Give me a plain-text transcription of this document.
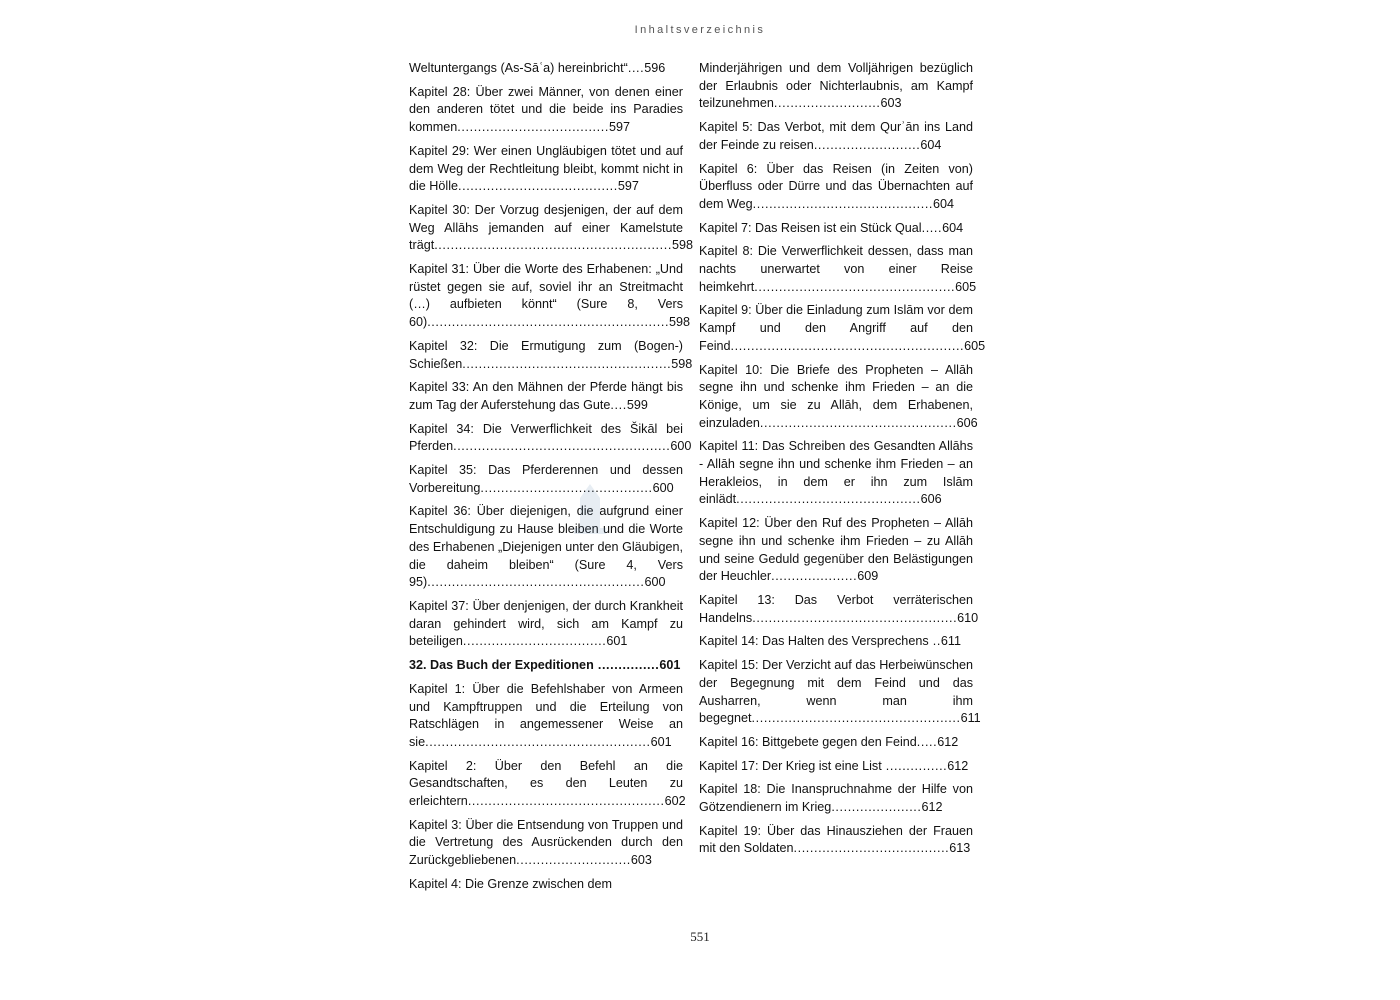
Inhaltsverzeichnis

Weltuntergangs (As-Sāʿa) hereinbricht“....596

Kapitel 28: Über zwei Männer, von denen einer den anderen tötet und die beide ins Paradies kommen.....................................597

Kapitel 29: Wer einen Ungläubigen tötet und auf dem Weg der Rechtleitung bleibt, kommt nicht in die Hölle.......................................597

Kapitel 30: Der Vorzug desjenigen, der auf dem Weg Allāhs jemanden auf einer Kamelstute trägt..........................................................598

Kapitel 31: Über die Worte des Erhabenen: „Und rüstet gegen sie auf, soviel ihr an Streitmacht (…) aufbieten könnt“ (Sure 8, Vers 60)...........................................................598

Kapitel 32: Die Ermutigung zum (Bogen-) Schießen...................................................598

Kapitel 33: An den Mähnen der Pferde hängt bis zum Tag der Auferstehung das Gute....599

Kapitel 34: Die Verwerflichkeit des Šikāl bei Pferden.....................................................600

Kapitel 35: Das Pferderennen und dessen Vorbereitung..........................................600

Kapitel 36: Über diejenigen, die aufgrund einer Entschuldigung zu Hause bleiben und die Worte des Erhabenen „Diejenigen unter den Gläubigen, die daheim bleiben“ (Sure 4, Vers 95).....................................................600

Kapitel 37: Über denjenigen, der durch Krankheit daran gehindert wird, sich am Kampf zu beteiligen...................................601

32. Das Buch der Expeditionen ...............601

Kapitel 1: Über die Befehlshaber von Armeen und Kampftruppen und die Erteilung von Ratschlägen in angemessener Weise an sie.......................................................601

Kapitel 2: Über den Befehl an die Gesandtschaften, es den Leuten zu erleichtern................................................602

Kapitel 3: Über die Entsendung von Truppen und die Vertretung des Ausrückenden durch den Zurückgebliebenen............................603

Kapitel 4: Die Grenze zwischen dem

Minderjährigen und dem Volljährigen bezüglich der Erlaubnis oder Nichterlaubnis, am Kampf teilzunehmen..........................603

Kapitel 5: Das Verbot, mit dem Qurʾān ins Land der Feinde zu reisen..........................604

Kapitel 6: Über das Reisen (in Zeiten von) Überfluss oder Dürre und das Übernachten auf dem Weg............................................604

Kapitel 7: Das Reisen ist ein Stück Qual.....604

Kapitel 8: Die Verwerflichkeit dessen, dass man nachts unerwartet von einer Reise heimkehrt.................................................605

Kapitel 9: Über die Einladung zum Islām vor dem Kampf und den Angriff auf den Feind.........................................................605

Kapitel 10: Die Briefe des Propheten – Allāh segne ihn und schenke ihm Frieden – an die Könige, um sie zu Allāh, dem Erhabenen, einzuladen................................................606

Kapitel 11: Das Schreiben des Gesandten Allāhs - Allāh segne ihn und schenke ihm Frieden – an Herakleios, in dem er ihn zum Islām einlädt.............................................606

Kapitel 12: Über den Ruf des Propheten – Allāh segne ihn und schenke ihm Frieden – zu Allāh und seine Geduld gegenüber den Belästigungen der Heuchler.....................609

Kapitel 13: Das Verbot verräterischen Handelns..................................................610

Kapitel 14: Das Halten des Versprechens ..611

Kapitel 15: Der Verzicht auf das Herbeiwünschen der Begegnung mit dem Feind und das Ausharren, wenn man ihm begegnet...................................................611

Kapitel 16: Bittgebete gegen den Feind.....612

Kapitel 17: Der Krieg ist eine List ...............612

Kapitel 18: Die Inanspruchnahme der Hilfe von Götzendienern im Krieg......................612

Kapitel 19: Über das Hinausziehen der Frauen mit den Soldaten......................................613

551
